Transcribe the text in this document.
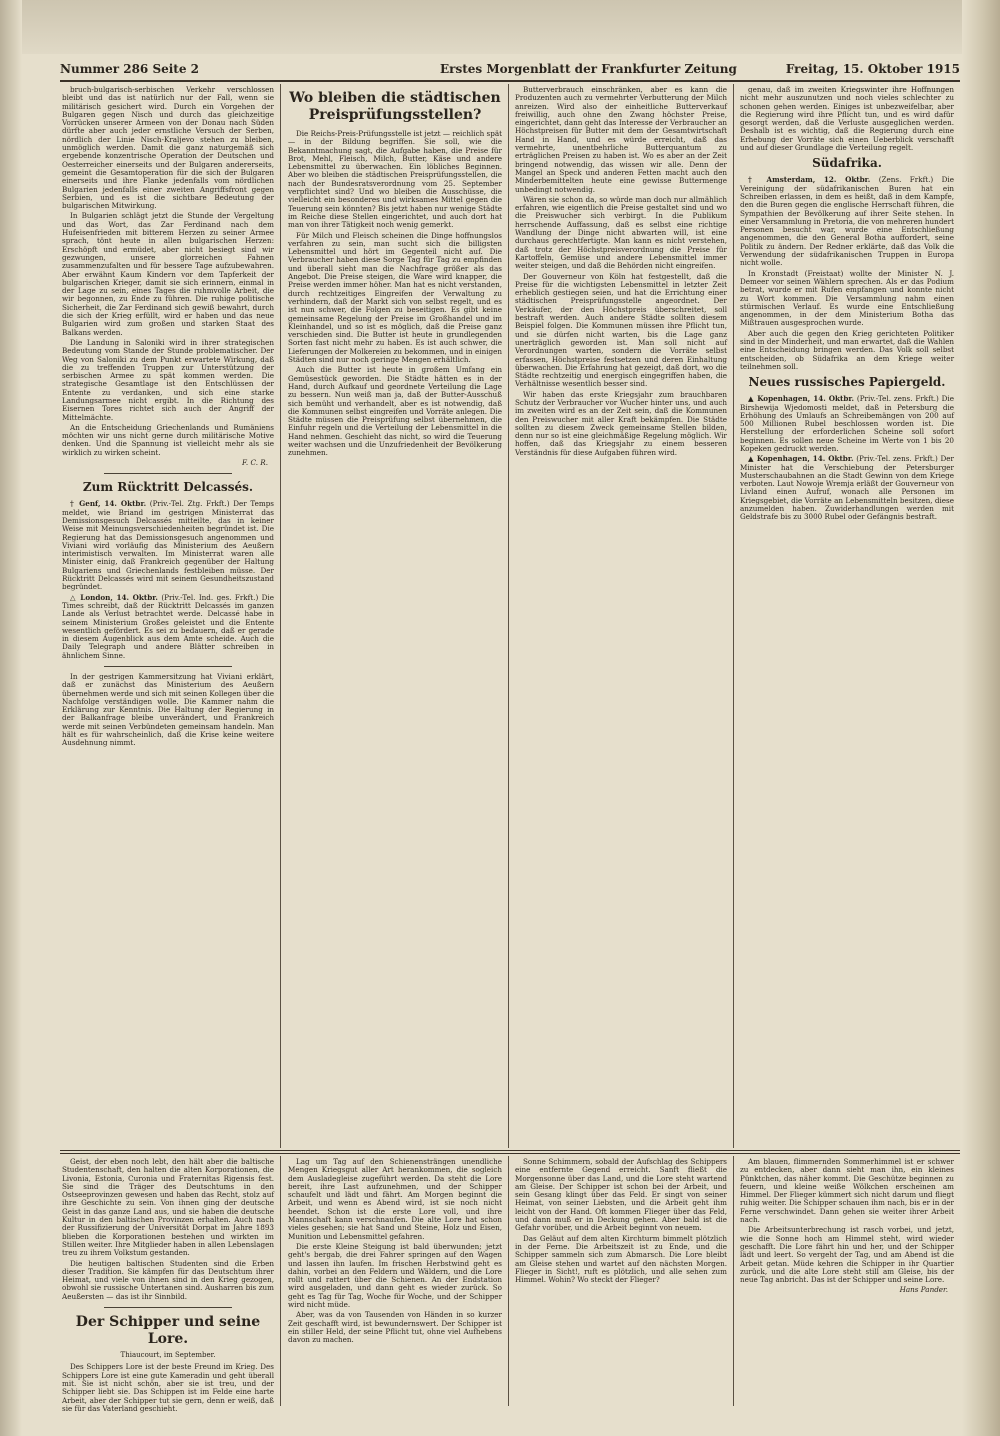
Nummer 286 Seite 2	Erstes Morgenblatt der Frankfurter Zeitung	Freitag, 15. Oktober 1915

bruch-bulgarisch-serbischen Verkehr verschlossen bleibt und das ist natürlich nur der Fall, wenn sie militärisch gesichert wird. Durch ein Vorgehen der Bulgaren gegen Nisch und durch das gleichzeitige Vorrücken unserer Armeen von der Donau nach Süden dürfte aber auch jeder ernstliche Versuch der Serben, nördlich der Linie Nisch-Kraljevo stehen zu bleiben, unmöglich werden. Damit die ganz naturgemäß sich ergebende konzentrische Operation der Deutschen und Oesterreicher einerseits und der Bulgaren andererseits, gemeint die Gesamtoperation für die sich der Bulgaren einerseits und ihre Flanke jedenfalls vom nördlichen Bulgarien jedenfalls einer zweiten Angriffsfront gegen Serbien, und es ist die sichtbare Bedeutung der bulgarischen Mitwirkung.

In Bulgarien schlägt jetzt die Stunde der Vergeltung und das Wort, das Zar Ferdinand nach dem Hufeisenfrieden mit bitterem Herzen zu seiner Armee sprach, tönt heute in allen bulgarischen Herzen: Erschöpft und ermüdet, aber nicht besiegt sind wir gezwungen, unsere glorreichen Fahnen zusammenzufalten und für bessere Tage aufzubewahren. Aber erwähnt Kaum Kindern vor dem Tapferkeit der bulgarischen Krieger, damit sie sich erinnern, einmal in der Lage zu sein, eines Tages die ruhmvolle Arbeit, die wir begonnen, zu Ende zu führen. Die ruhige politische Sicherheit, die Zar Ferdinand sich gewiß bewahrt, durch die sich der Krieg erfüllt, wird er haben und das neue Bulgarien wird zum großen und starken Staat des Balkans werden.

Die Landung in Saloniki wird in ihrer strategischen Bedeutung vom Stande der Stunde problematischer. Der Weg von Saloniki zu dem Punkt erwartete Wirkung, daß die zu treffenden Truppen zur Unterstützung der serbischen Armee zu spät kommen werden. Die strategische Gesamtlage ist den Entschlüssen der Entente zu verdanken, und sich eine starke Landungsarmee nicht ergibt. In die Richtung des Eisernen Tores richtet sich auch der Angriff der Mittelmächte.

An die Entscheidung Griechenlands und Rumäniens möchten wir uns nicht gerne durch militärische Motive denken. Und die Spannung ist vielleicht mehr als sie wirklich zu wirken scheint.

F. C. R.
Zum Rücktritt Delcassés.

† Genf, 14. Oktbr. (Priv.-Tel. Ztg. Frkft.) Der Temps meldet, wie Briand im gestrigen Ministerrat das Demissionsgesuch Delcassés mitteilte, das in keiner Weise mit Meinungsverschiedenheiten begründet ist. Die Regierung hat das Demissionsgesuch angenommen und Viviani wird vorläufig das Ministerium des Aeußern interimistisch verwalten. Im Ministerrat waren alle Minister einig, daß Frankreich gegenüber der Haltung Bulgariens und Griechenlands festbleiben müsse. Der Rücktritt Delcassés wird mit seinem Gesundheitszustand begründet.

△ London, 14. Oktbr. (Priv.-Tel. Ind. ges. Frkft.) Die Times schreibt, daß der Rücktritt Delcassés im ganzen Lande als Verlust betrachtet werde. Delcassé habe in seinem Ministerium Großes geleistet und die Entente wesentlich gefördert. Es sei zu bedauern, daß er gerade in diesem Augenblick aus dem Amte scheide. Auch die Daily Telegraph und andere Blätter schreiben in ähnlichem Sinne.

In der gestrigen Kammersitzung hat Viviani erklärt, daß er zunächst das Ministerium des Aeußern übernehmen werde und sich mit seinen Kollegen über die Nachfolge verständigen wolle. Die Kammer nahm die Erklärung zur Kenntnis. Die Haltung der Regierung in der Balkanfrage bleibe unverändert, und Frankreich werde mit seinen Verbündeten gemeinsam handeln. Man hält es für wahrscheinlich, daß die Krise keine weitere Ausdehnung nimmt.

Wo bleiben die städtischen Preisprüfungsstellen?

Die Reichs-Preis-Prüfungsstelle ist jetzt — reichlich spät — in der Bildung begriffen. Sie soll, wie die Bekanntmachung sagt, die Aufgabe haben, die Preise für Brot, Mehl, Fleisch, Milch, Butter, Käse und andere Lebensmittel zu überwachen. Ein löbliches Beginnen. Aber wo bleiben die städtischen Preisprüfungsstellen, die nach der Bundesratsverordnung vom 25. September verpflichtet sind? Und wo bleiben die Ausschüsse, die vielleicht ein besonderes und wirksames Mittel gegen die Teuerung sein könnten? Bis jetzt haben nur wenige Städte im Reiche diese Stellen eingerichtet, und auch dort hat man von ihrer Tätigkeit noch wenig gemerkt.

Für Milch und Fleisch scheinen die Dinge hoffnungslos verfahren zu sein, man sucht sich die billigsten Lebensmittel und hört im Gegenteil nicht auf. Die Verbraucher haben diese Sorge Tag für Tag zu empfinden und überall sieht man die Nachfrage größer als das Angebot. Die Preise steigen, die Ware wird knapper, die Preise werden immer höher. Man hat es nicht verstanden, durch rechtzeitiges Eingreifen der Verwaltung zu verhindern, daß der Markt sich von selbst regelt, und es ist nun schwer, die Folgen zu beseitigen. Es gibt keine gemeinsame Regelung der Preise im Großhandel und im Kleinhandel, und so ist es möglich, daß die Preise ganz verschieden sind. Die Butter ist heute in grundlegenden Sorten fast nicht mehr zu haben. Es ist auch schwer, die Lieferungen der Molkereien zu bekommen, und in einigen Städten sind nur noch geringe Mengen erhältlich.

Auch die Butter ist heute in großem Umfang ein Gemüsestück geworden. Die Städte hätten es in der Hand, durch Aufkauf und geordnete Verteilung die Lage zu bessern. Nun weiß man ja, daß der Butter-Ausschuß sich bemüht und verhandelt, aber es ist notwendig, daß die Kommunen selbst eingreifen und Vorräte anlegen. Die Städte müssen die Preisprüfung selbst übernehmen, die Einfuhr regeln und die Verteilung der Lebensmittel in die Hand nehmen. Geschieht das nicht, so wird die Teuerung weiter wachsen und die Unzufriedenheit der Bevölkerung zunehmen.

Butterverbrauch einschränken, aber es kann die Produzenten auch zu vermehrter Verbutterung der Milch anreizen. Wird also der einheitliche Butterverkauf freiwillig, auch ohne den Zwang höchster Preise, eingerichtet, dann geht das Interesse der Verbraucher an Höchstpreisen für Butter mit dem der Gesamtwirtschaft Hand in Hand, und es würde erreicht, daß das vermehrte, unentbehrliche Butterquantum zu erträglichen Preisen zu haben ist. Wo es aber an der Zeit bringend notwendig, das wissen wir alle. Denn der Mangel an Speck und anderen Fetten macht auch den Minderbemittelten heute eine gewisse Buttermenge unbedingt notwendig.

Wären sie schon da, so würde man doch nur allmählich erfahren, wie eigentlich die Preise gestaltet sind und wo die Preiswucher sich verbirgt. In die Publikum herrschende Auffassung, daß es selbst eine richtige Wandlung der Dinge nicht abwarten will, ist eine durchaus gerechtfertigte. Man kann es nicht verstehen, daß trotz der Höchstpreisverordnung die Preise für Kartoffeln, Gemüse und andere Lebensmittel immer weiter steigen, und daß die Behörden nicht eingreifen.

Der Gouverneur von Köln hat festgestellt, daß die Preise für die wichtigsten Lebensmittel in letzter Zeit erheblich gestiegen seien, und hat die Errichtung einer städtischen Preisprüfungsstelle angeordnet. Der Verkäufer, der den Höchstpreis überschreitet, soll bestraft werden. Auch andere Städte sollten diesem Beispiel folgen. Die Kommunen müssen ihre Pflicht tun, und sie dürfen nicht warten, bis die Lage ganz unerträglich geworden ist. Man soll nicht auf Verordnungen warten, sondern die Vorräte selbst erfassen, Höchstpreise festsetzen und deren Einhaltung überwachen. Die Erfahrung hat gezeigt, daß dort, wo die Städte rechtzeitig und energisch eingegriffen haben, die Verhältnisse wesentlich besser sind.

Wir haben das erste Kriegsjahr zum brauchbaren Schutz der Verbraucher vor Wucher hinter uns, und auch im zweiten wird es an der Zeit sein, daß die Kommunen den Preiswucher mit aller Kraft bekämpfen. Die Städte sollten zu diesem Zweck gemeinsame Stellen bilden, denn nur so ist eine gleichmäßige Regelung möglich. Wir hoffen, daß das Kriegsjahr zu einem besseren Verständnis für diese Aufgaben führen wird.

genau, daß im zweiten Kriegswinter ihre Hoffnungen nicht mehr auszunutzen und noch vieles schlechter zu schonen gehen werden. Einiges ist unbezweifelbar, aber die Regierung wird ihre Pflicht tun, und es wird dafür gesorgt werden, daß die Verluste ausgeglichen werden. Deshalb ist es wichtig, daß die Regierung durch eine Erhebung der Vorräte sich einen Ueberblick verschafft und auf dieser Grundlage die Verteilung regelt.

Südafrika.

† Amsterdam, 12. Oktbr. (Zens. Frkft.) Die Vereinigung der südafrikanischen Buren hat ein Schreiben erlassen, in dem es heißt, daß in dem Kampfe, den die Buren gegen die englische Herrschaft führen, die Sympathien der Bevölkerung auf ihrer Seite stehen. In einer Versammlung in Pretoria, die von mehreren hundert Personen besucht war, wurde eine Entschließung angenommen, die den General Botha auffordert, seine Politik zu ändern. Der Redner erklärte, daß das Volk die Verwendung der südafrikanischen Truppen in Europa nicht wolle.

In Kronstadt (Freistaat) wollte der Minister N. J. Demeer vor seinen Wählern sprechen. Als er das Podium betrat, wurde er mit Rufen empfangen und konnte nicht zu Wort kommen. Die Versammlung nahm einen stürmischen Verlauf. Es wurde eine Entschließung angenommen, in der dem Ministerium Botha das Mißtrauen ausgesprochen wurde.

Aber auch die gegen den Krieg gerichteten Politiker sind in der Minderheit, und man erwartet, daß die Wahlen eine Entscheidung bringen werden. Das Volk soll selbst entscheiden, ob Südafrika an dem Kriege weiter teilnehmen soll.

Neues russisches Papiergeld.

▲ Kopenhagen, 14. Oktbr. (Priv.-Tel. zens. Frkft.) Die Birshewija Wjedomosti meldet, daß in Petersburg die Erhöhung des Umlaufs an Schreibemängen von 200 auf 500 Millionen Rubel beschlossen worden ist. Die Herstellung der erforderlichen Scheine soll sofort beginnen. Es sollen neue Scheine im Werte von 1 bis 20 Kopeken gedruckt werden.

▲ Kopenhagen, 14. Oktbr. (Priv.-Tel. zens. Frkft.) Der Minister hat die Verschiebung der Petersburger Musterschaubahnen an die Stadt Gewinn von dem Kriege verboten. Laut Nowoje Wremja erläßt der Gouverneur von Livland einen Aufruf, wonach alle Personen im Kriegsgebiet, die Vorräte an Lebensmitteln besitzen, diese anzumelden haben. Zuwiderhandlungen werden mit Geldstrafe bis zu 3000 Rubel oder Gefängnis bestraft.

Geist, der eben noch lebt, den hält aber die baltische Studentenschaft, den halten die alten Korporationen, die Livonia, Estonia, Curonia und Fraternitas Rigensis fest. Sie sind die Träger des Deutschtums in den Ostseeprovinzen gewesen und haben das Recht, stolz auf ihre Geschichte zu sein. Von ihnen ging der deutsche Geist in das ganze Land aus, und sie haben die deutsche Kultur in den baltischen Provinzen erhalten. Auch nach der Russifizierung der Universität Dorpat im Jahre 1893 blieben die Korporationen bestehen und wirkten im Stillen weiter. Ihre Mitglieder haben in allen Lebenslagen treu zu ihrem Volkstum gestanden.

Die heutigen baltischen Studenten sind die Erben dieser Tradition. Sie kämpfen für das Deutschtum ihrer Heimat, und viele von ihnen sind in den Krieg gezogen, obwohl sie russische Untertanen sind. Ausharren bis zum Aeußersten — das ist ihr Sinnbild.

Der Schipper und seine Lore.
Thiaucourt, im September.

Des Schippers Lore ist der beste Freund im Krieg. Des Schippers Lore ist eine gute Kameradin und geht überall mit. Sie ist nicht schön, aber sie ist treu, und der Schipper liebt sie. Das Schippen ist im Felde eine harte Arbeit, aber der Schipper tut sie gern, denn er weiß, daß sie für das Vaterland geschieht.

Lag um Tag auf den Schienensträngen unendliche Mengen Kriegsgut aller Art herankommen, die sogleich dem Ausladegleise zugeführt werden. Da steht die Lore bereit, ihre Last aufzunehmen, und der Schipper schaufelt und lädt und fährt. Am Morgen beginnt die Arbeit, und wenn es Abend wird, ist sie noch nicht beendet. Schon ist die erste Lore voll, und ihre Mannschaft kann verschnaufen. Die alte Lore hat schon vieles gesehen; sie hat Sand und Steine, Holz und Eisen, Munition und Lebensmittel gefahren.

Die erste Kleine Steigung ist bald überwunden; jetzt geht's bergab, die drei Fahrer springen auf den Wagen und lassen ihn laufen. Im frischen Herbstwind geht es dahin, vorbei an den Feldern und Wäldern, und die Lore rollt und rattert über die Schienen. An der Endstation wird ausgeladen, und dann geht es wieder zurück. So geht es Tag für Tag, Woche für Woche, und der Schipper wird nicht müde.

Aber, was da von Tausenden von Händen in so kurzer Zeit geschafft wird, ist bewundernswert. Der Schipper ist ein stiller Held, der seine Pflicht tut, ohne viel Aufhebens davon zu machen.

Sonne Schimmern, sobald der Aufschlag des Schippers eine entfernte Gegend erreicht. Sanft fließt die Morgensonne über das Land, und die Lore steht wartend am Gleise. Der Schipper ist schon bei der Arbeit, und sein Gesang klingt über das Feld. Er singt von seiner Heimat, von seiner Liebsten, und die Arbeit geht ihm leicht von der Hand. Oft kommen Flieger über das Feld, und dann muß er in Deckung gehen. Aber bald ist die Gefahr vorüber, und die Arbeit beginnt von neuem.

Das Geläut auf dem alten Kirchturm bimmelt plötzlich in der Ferne. Die Arbeitszeit ist zu Ende, und die Schipper sammeln sich zum Abmarsch. Die Lore bleibt am Gleise stehen und wartet auf den nächsten Morgen. Flieger in Sicht!, ruft es plötzlich, und alle sehen zum Himmel. Wohin? Wo steckt der Flieger?

Am blauen, flimmernden Sommerhimmel ist er schwer zu entdecken, aber dann sieht man ihn, ein kleines Pünktchen, das näher kommt. Die Geschütze beginnen zu feuern, und kleine weiße Wölkchen erscheinen am Himmel. Der Flieger kümmert sich nicht darum und fliegt ruhig weiter. Die Schipper schauen ihm nach, bis er in der Ferne verschwindet. Dann gehen sie weiter ihrer Arbeit nach.

Die Arbeitsunterbrechung ist rasch vorbei, und jetzt, wie die Sonne hoch am Himmel steht, wird wieder geschafft. Die Lore fährt hin und her, und der Schipper lädt und leert. So vergeht der Tag, und am Abend ist die Arbeit getan. Müde kehren die Schipper in ihr Quartier zurück, und die alte Lore steht still am Gleise, bis der neue Tag anbricht. Das ist der Schipper und seine Lore.

Hans Pander.
